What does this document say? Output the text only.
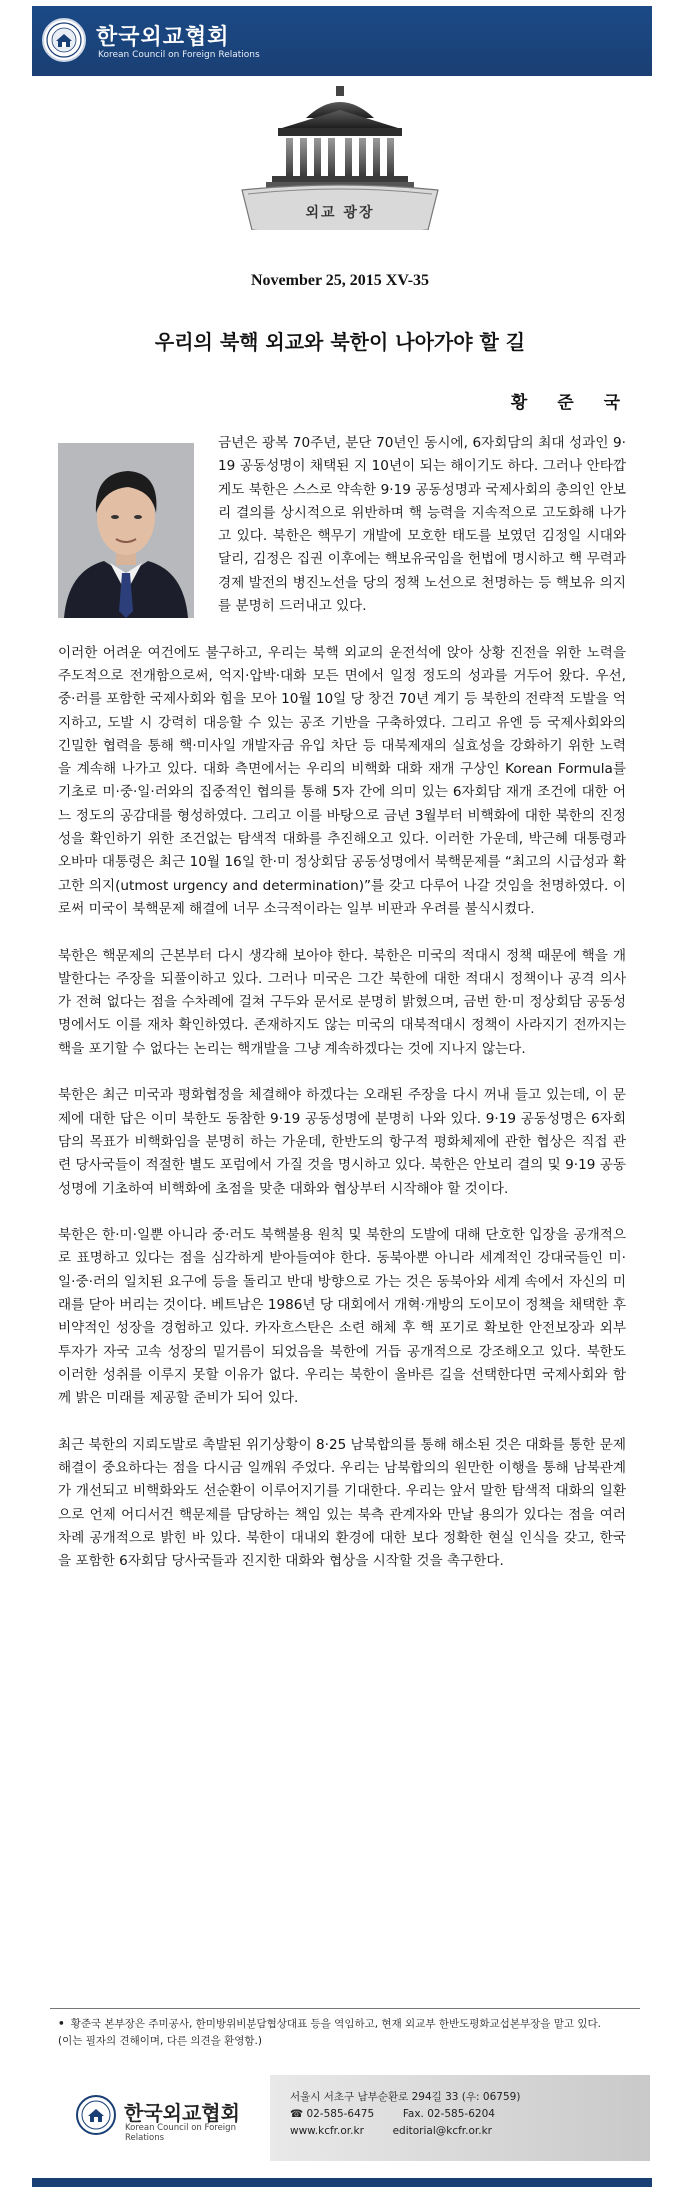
한국외교협회
Korean Council on Foreign Relations
외교 광장
November 25, 2015 XV-35
우리의 북핵 외교와 북한이 나아가야 할 길
황 준 국

금년은 광복 70주년, 분단 70년인 동시에, 6자회담의 최대 성과인 9·19 공동성명이 채택된 지 10년이 되는 해이기도 하다. 그러나 안타깝게도 북한은 스스로 약속한 9·19 공동성명과 국제사회의 총의인 안보리 결의를 상시적으로 위반하며 핵 능력을 지속적으로 고도화해 나가고 있다. 북한은 핵무기 개발에 모호한 태도를 보였던 김정일 시대와 달리, 김정은 집권 이후에는 핵보유국임을 헌법에 명시하고 핵 무력과 경제 발전의 병진노선을 당의 정책 노선으로 천명하는 등 핵보유 의지를 분명히 드러내고 있다.

이러한 어려운 여건에도 불구하고, 우리는 북핵 외교의 운전석에 앉아 상황 진전을 위한 노력을 주도적으로 전개함으로써, 억지·압박·대화 모든 면에서 일정 정도의 성과를 거두어 왔다. 우선, 중·러를 포함한 국제사회와 힘을 모아 10월 10일 당 창건 70년 계기 등 북한의 전략적 도발을 억지하고, 도발 시 강력히 대응할 수 있는 공조 기반을 구축하였다. 그리고 유엔 등 국제사회와의 긴밀한 협력을 통해 핵·미사일 개발자금 유입 차단 등 대북제재의 실효성을 강화하기 위한 노력을 계속해 나가고 있다. 대화 측면에서는 우리의 비핵화 대화 재개 구상인 Korean Formula를 기초로 미·중·일·러와의 집중적인 협의를 통해 5자 간에 의미 있는 6자회담 재개 조건에 대한 어느 정도의 공감대를 형성하였다. 그리고 이를 바탕으로 금년 3월부터 비핵화에 대한 북한의 진정성을 확인하기 위한 조건없는 탐색적 대화를 추진해오고 있다. 이러한 가운데, 박근혜 대통령과 오바마 대통령은 최근 10월 16일 한·미 정상회담 공동성명에서 북핵문제를 “최고의 시급성과 확고한 의지(utmost urgency and determination)”를 갖고 다루어 나갈 것임을 천명하였다. 이로써 미국이 북핵문제 해결에 너무 소극적이라는 일부 비판과 우려를 불식시켰다.

북한은 핵문제의 근본부터 다시 생각해 보아야 한다. 북한은 미국의 적대시 정책 때문에 핵을 개발한다는 주장을 되풀이하고 있다. 그러나 미국은 그간 북한에 대한 적대시 정책이나 공격 의사가 전혀 없다는 점을 수차례에 걸쳐 구두와 문서로 분명히 밝혔으며, 금번 한·미 정상회담 공동성명에서도 이를 재차 확인하였다. 존재하지도 않는 미국의 대북적대시 정책이 사라지기 전까지는 핵을 포기할 수 없다는 논리는 핵개발을 그냥 계속하겠다는 것에 지나지 않는다.

북한은 최근 미국과 평화협정을 체결해야 하겠다는 오래된 주장을 다시 꺼내 들고 있는데, 이 문제에 대한 답은 이미 북한도 동참한 9·19 공동성명에 분명히 나와 있다. 9·19 공동성명은 6자회담의 목표가 비핵화임을 분명히 하는 가운데, 한반도의 항구적 평화체제에 관한 협상은 직접 관련 당사국들이 적절한 별도 포럼에서 가질 것을 명시하고 있다. 북한은 안보리 결의 및 9·19 공동성명에 기초하여 비핵화에 초점을 맞춘 대화와 협상부터 시작해야 할 것이다.

북한은 한·미·일뿐 아니라 중·러도 북핵불용 원칙 및 북한의 도발에 대해 단호한 입장을 공개적으로 표명하고 있다는 점을 심각하게 받아들여야 한다. 동북아뿐 아니라 세계적인 강대국들인 미·일·중·러의 일치된 요구에 등을 돌리고 반대 방향으로 가는 것은 동북아와 세계 속에서 자신의 미래를 닫아 버리는 것이다. 베트남은 1986년 당 대회에서 개혁·개방의 도이모이 정책을 채택한 후 비약적인 성장을 경험하고 있다. 카자흐스탄은 소련 해체 후 핵 포기로 확보한 안전보장과 외부투자가 자국 고속 성장의 밑거름이 되었음을 북한에 거듭 공개적으로 강조해오고 있다. 북한도 이러한 성취를 이루지 못할 이유가 없다. 우리는 북한이 올바른 길을 선택한다면 국제사회와 함께 밝은 미래를 제공할 준비가 되어 있다.

최근 북한의 지뢰도발로 촉발된 위기상황이 8·25 남북합의를 통해 해소된 것은 대화를 통한 문제해결이 중요하다는 점을 다시금 일깨워 주었다. 우리는 남북합의의 원만한 이행을 통해 남북관계가 개선되고 비핵화와도 선순환이 이루어지기를 기대한다. 우리는 앞서 말한 탐색적 대화의 일환으로 언제 어디서건 핵문제를 담당하는 책임 있는 북측 관계자와 만날 용의가 있다는 점을 여러 차례 공개적으로 밝힌 바 있다. 북한이 대내외 환경에 대한 보다 정확한 현실 인식을 갖고, 한국을 포함한 6자회담 당사국들과 진지한 대화와 협상을 시작할 것을 촉구한다.

• 황준국 본부장은 주미공사, 한미방위비분담협상대표 등을 역임하고, 현재 외교부 한반도평화교섭본부장을 맡고 있다. (이는 필자의 견해이며, 다른 의견을 환영함.)
한국외교협회
Korean Council on Foreign Relations
서울시 서초구 남부순환로 294길 33 (우: 06759)
☎ 02-585-6475	Fax. 02-585-6204
www.kcfr.or.kr	editorial@kcfr.or.kr
